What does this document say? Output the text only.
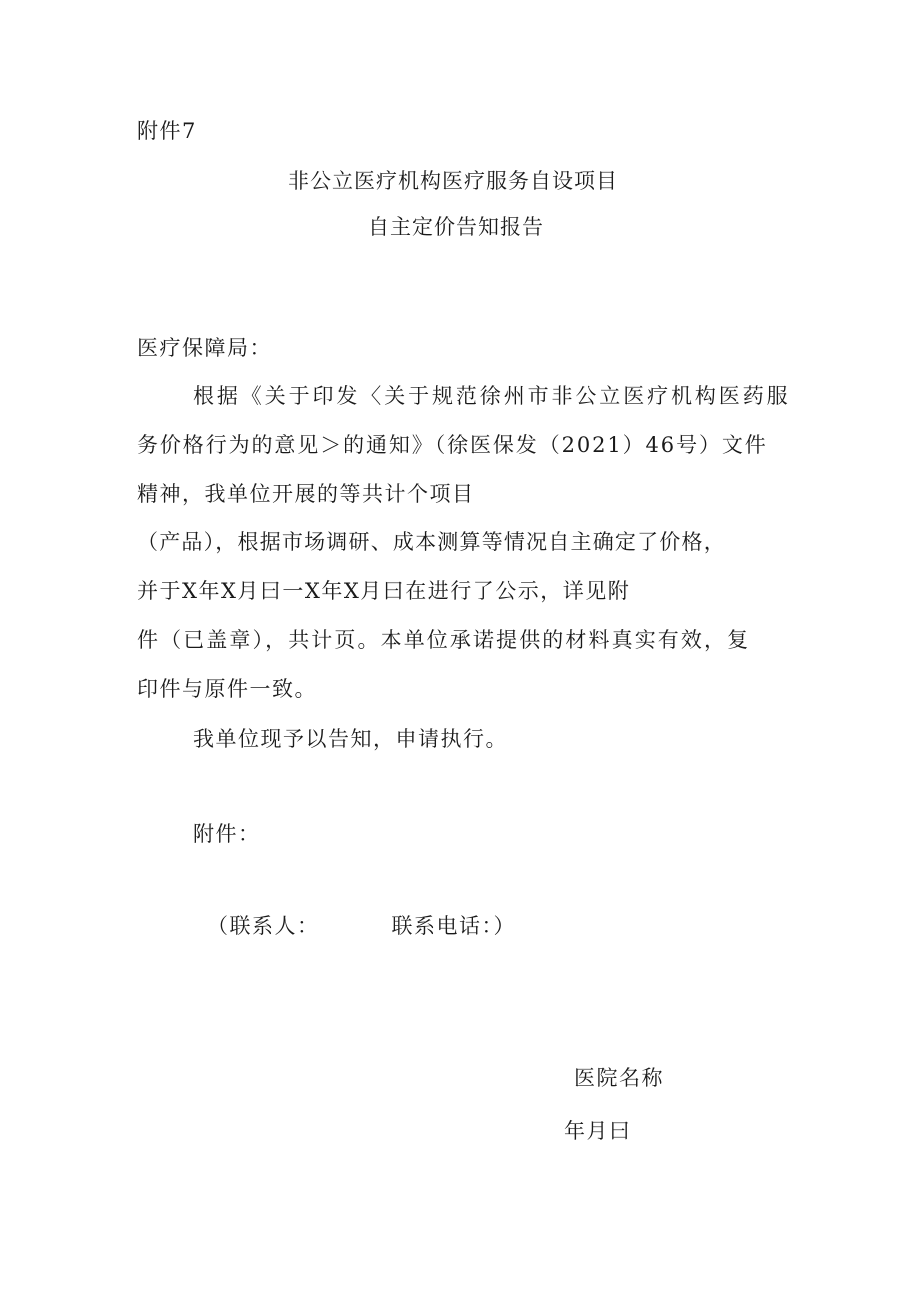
附件7
非公立医疗机构医疗服务自设项目
自主定价告知报告
医疗保障局：
根据《关于印发〈关于规范徐州市非公立医疗机构医药服
务价格行为的意见＞的通知》（徐医保发（2021）46号）文件
精神，我单位开展的等共计个项目
（产品），根据市场调研、成本测算等情况自主确定了价格，
并于X年X月曰一X年X月曰在进行了公示，详见附
件（已盖章），共计页。本单位承诺提供的材料真实有效，复
印件与原件一致。
我单位现予以告知，申请执行。
附件：
（联系人：	联系电话：）
医院名称
年月曰
